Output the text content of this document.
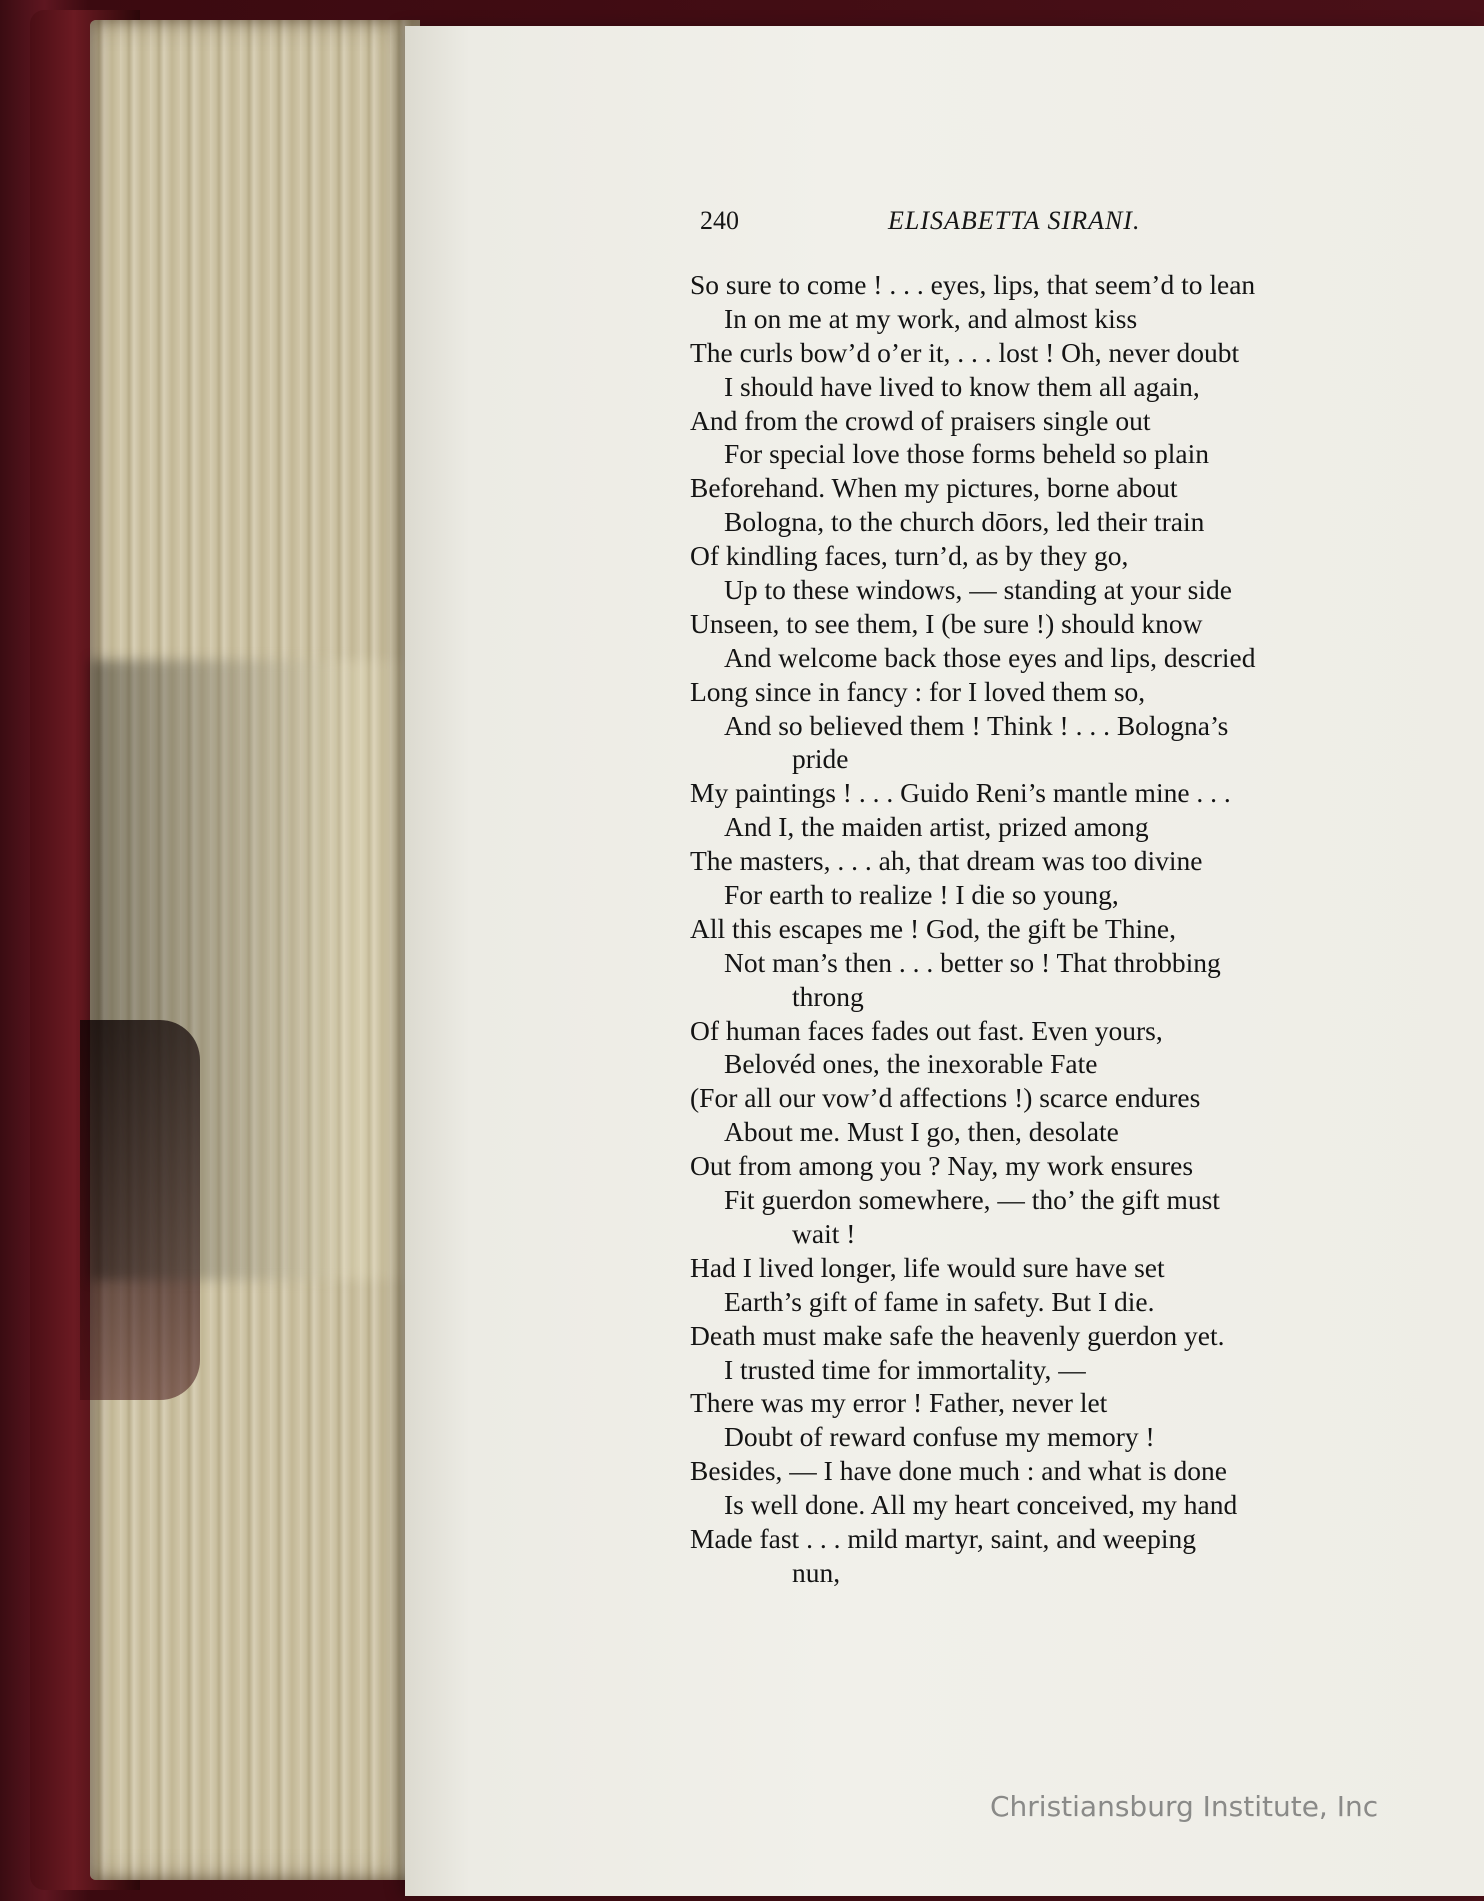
240	ELISABETTA SIRANI.
So sure to come ! . . . eyes, lips, that seem’d to lean
In on me at my work, and almost kiss
The curls bow’d o’er it, . . . lost ! Oh, never doubt
I should have lived to know them all again,
And from the crowd of praisers single out
For special love those forms beheld so plain
Beforehand. When my pictures, borne about
Bologna, to the church dōors, led their train
Of kindling faces, turn’d, as by they go,
Up to these windows, — standing at your side
Unseen, to see them, I (be sure !) should know
And welcome back those eyes and lips, descried
Long since in fancy : for I loved them so,
And so believed them ! Think ! . . . Bologna’s
pride
My paintings ! . . . Guido Reni’s mantle mine . . .
And I, the maiden artist, prized among
The masters, . . . ah, that dream was too divine
For earth to realize ! I die so young,
All this escapes me ! God, the gift be Thine,
Not man’s then . . . better so ! That throbbing
throng
Of human faces fades out fast. Even yours,
Belovéd ones, the inexorable Fate
(For all our vow’d affections !) scarce endures
About me. Must I go, then, desolate
Out from among you ? Nay, my work ensures
Fit guerdon somewhere, — tho’ the gift must
wait !
Had I lived longer, life would sure have set
Earth’s gift of fame in safety. But I die.
Death must make safe the heavenly guerdon yet.
I trusted time for immortality, —
There was my error ! Father, never let
Doubt of reward confuse my memory !
Besides, — I have done much : and what is done
Is well done. All my heart conceived, my hand
Made fast . . . mild martyr, saint, and weeping
nun,
Christiansburg Institute, Inc
